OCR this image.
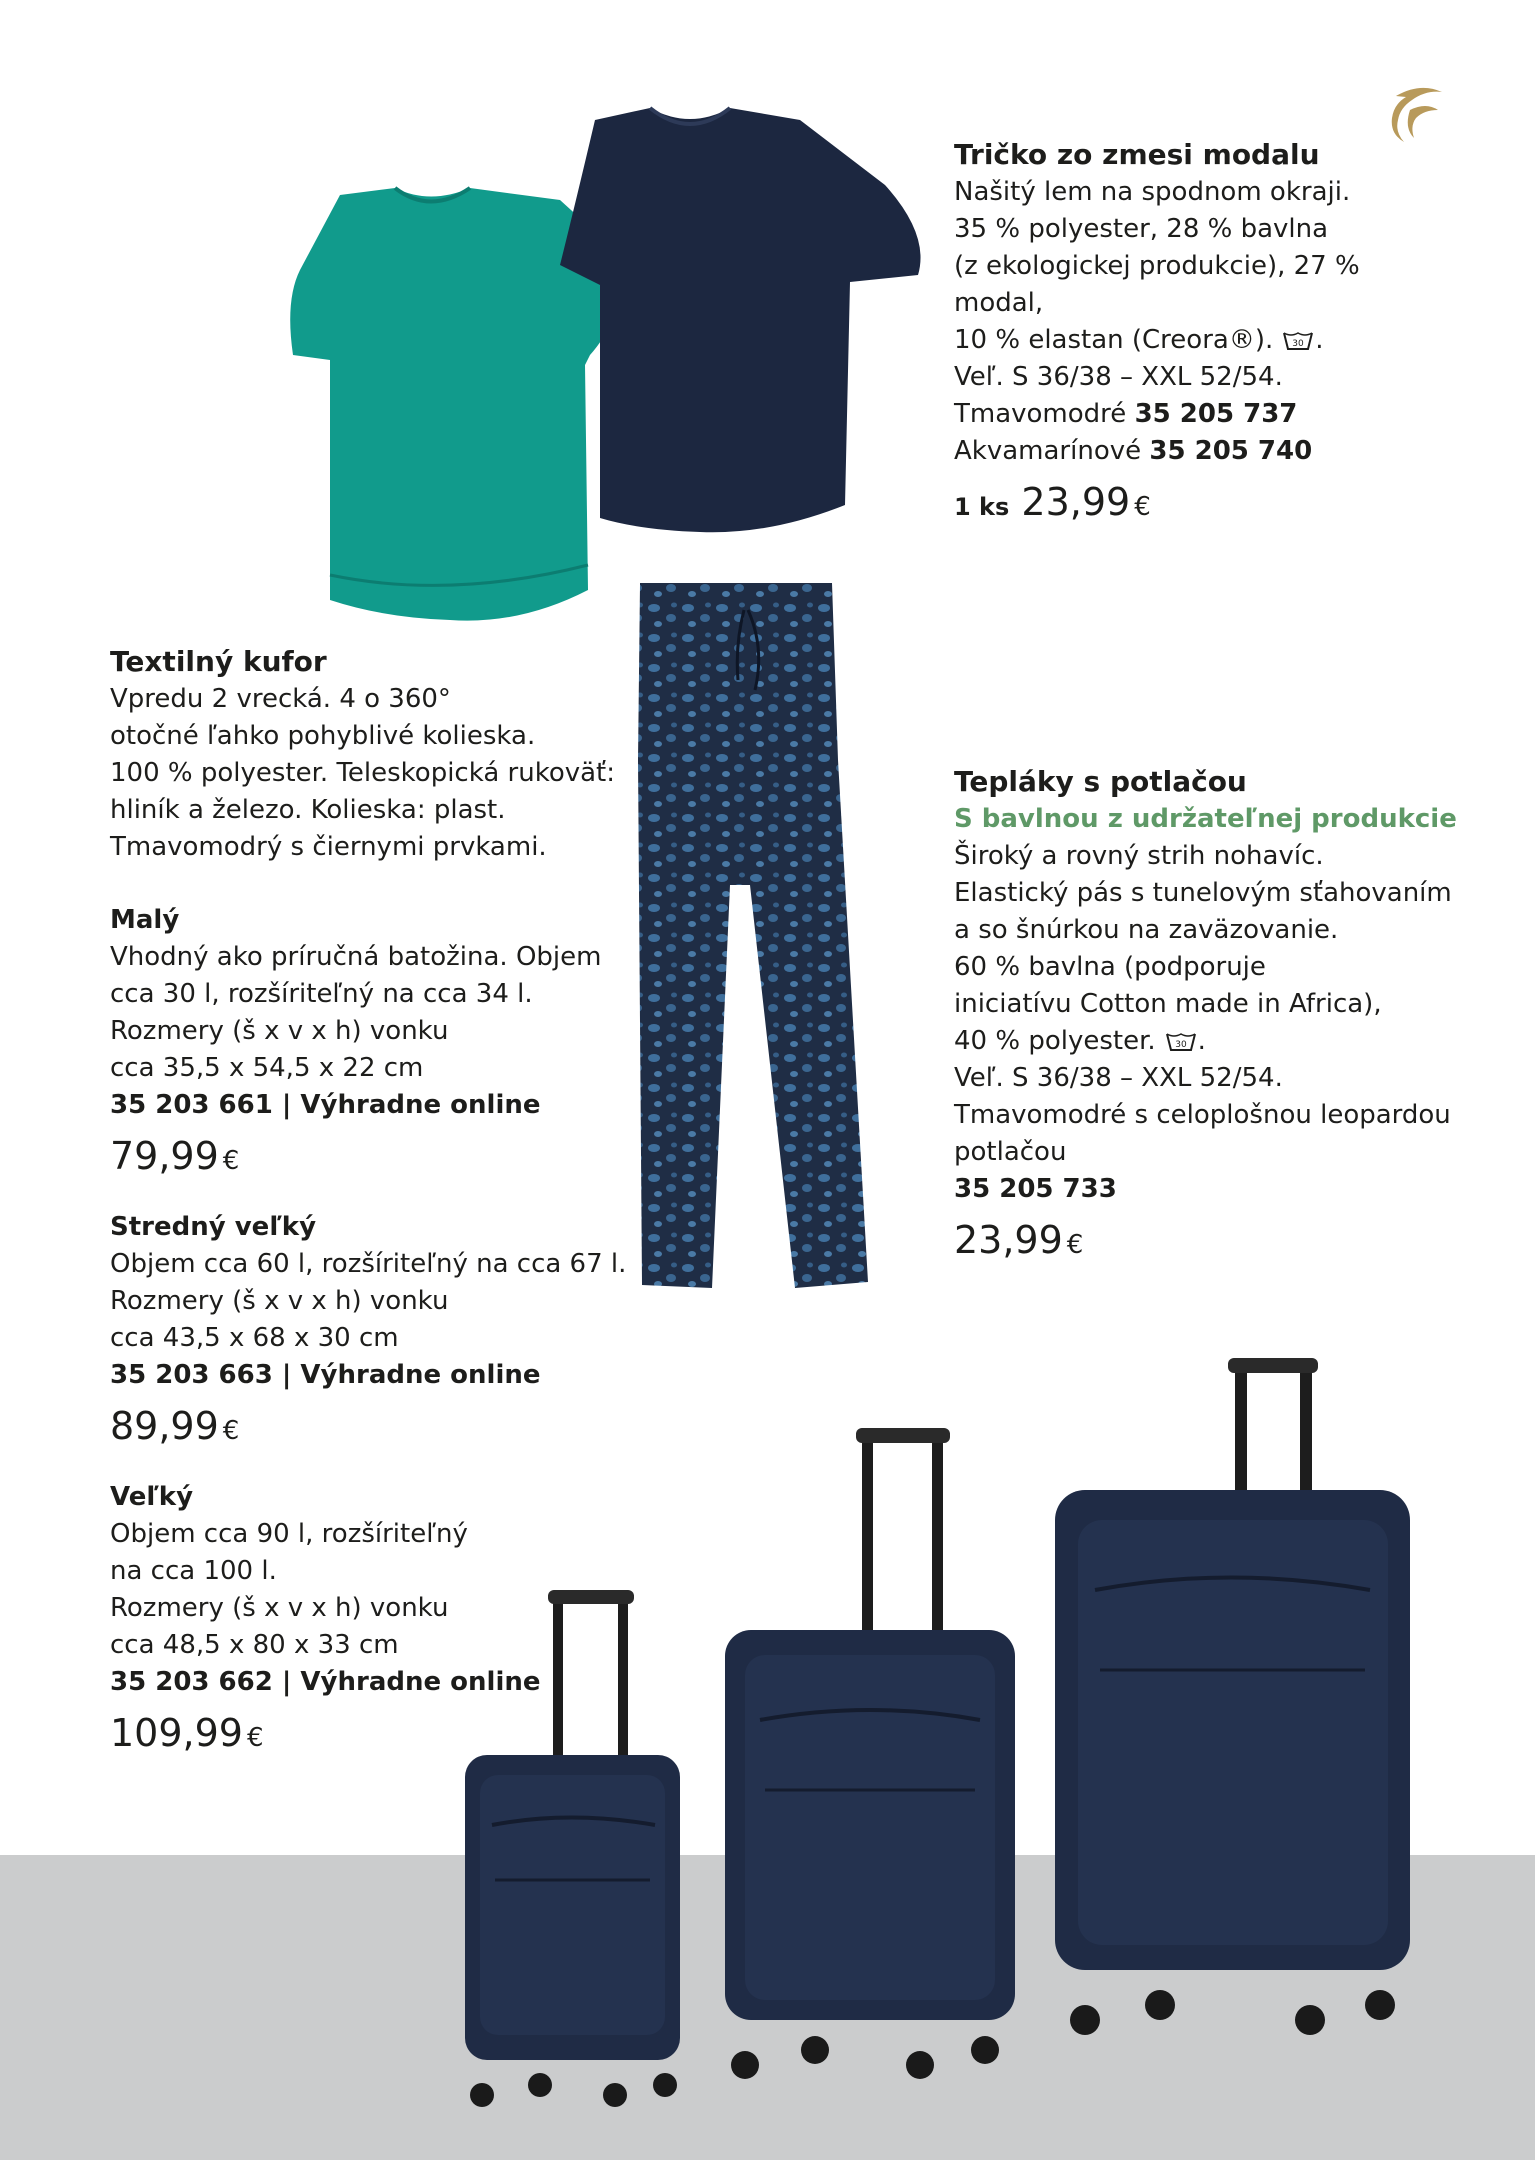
Tričko zo zmesi modalu

Našitý lem na spodnom okraji.

35 % polyester, 28 % bavlna

(z ekologickej produkcie), 27 % modal,

10 % elastan (Creora®). 30 .

Veľ. S 36/38 – XXL 52/54.

Tmavomodré 35 205 737

Akvamarínové 35 205 740

1 ks 23,99 €

Textilný kufor

Vpredu 2 vrecká. 4 o 360°

otočné ľahko pohyblivé kolieska.

100 % polyester. Teleskopická rukoväť:

hliník a železo. Kolieska: plast.

Tmavomodrý s čiernymi prvkami.

Malý

Vhodný ako príručná batožina. Objem

cca 30 l, rozšíriteľný na cca 34 l.

Rozmery (š x v x h) vonku

cca 35,5 x 54,5 x 22 cm

35 203 661 | Výhradne online

79,99 €

Stredný veľký

Objem cca 60 l, rozšíriteľný na cca 67 l.

Rozmery (š x v x h) vonku

cca 43,5 x 68 x 30 cm

35 203 663 | Výhradne online

89,99 €

Veľký

Objem cca 90 l, rozšíriteľný

na cca 100 l.

Rozmery (š x v x h) vonku

cca 48,5 x 80 x 33 cm

35 203 662 | Výhradne online

109,99 €

Tepláky s potlačou

S bavlnou z udržateľnej produkcie

Široký a rovný strih nohavíc.

Elastický pás s tunelovým sťahovaním

a so šnúrkou na zaväzovanie.

60 % bavlna (podporuje

iniciatívu Cotton made in Africa),

40 % polyester. 30 .

Veľ. S 36/38 – XXL 52/54.

Tmavomodré s celoplošnou leopardou

potlačou

35 205 733

23,99 €
